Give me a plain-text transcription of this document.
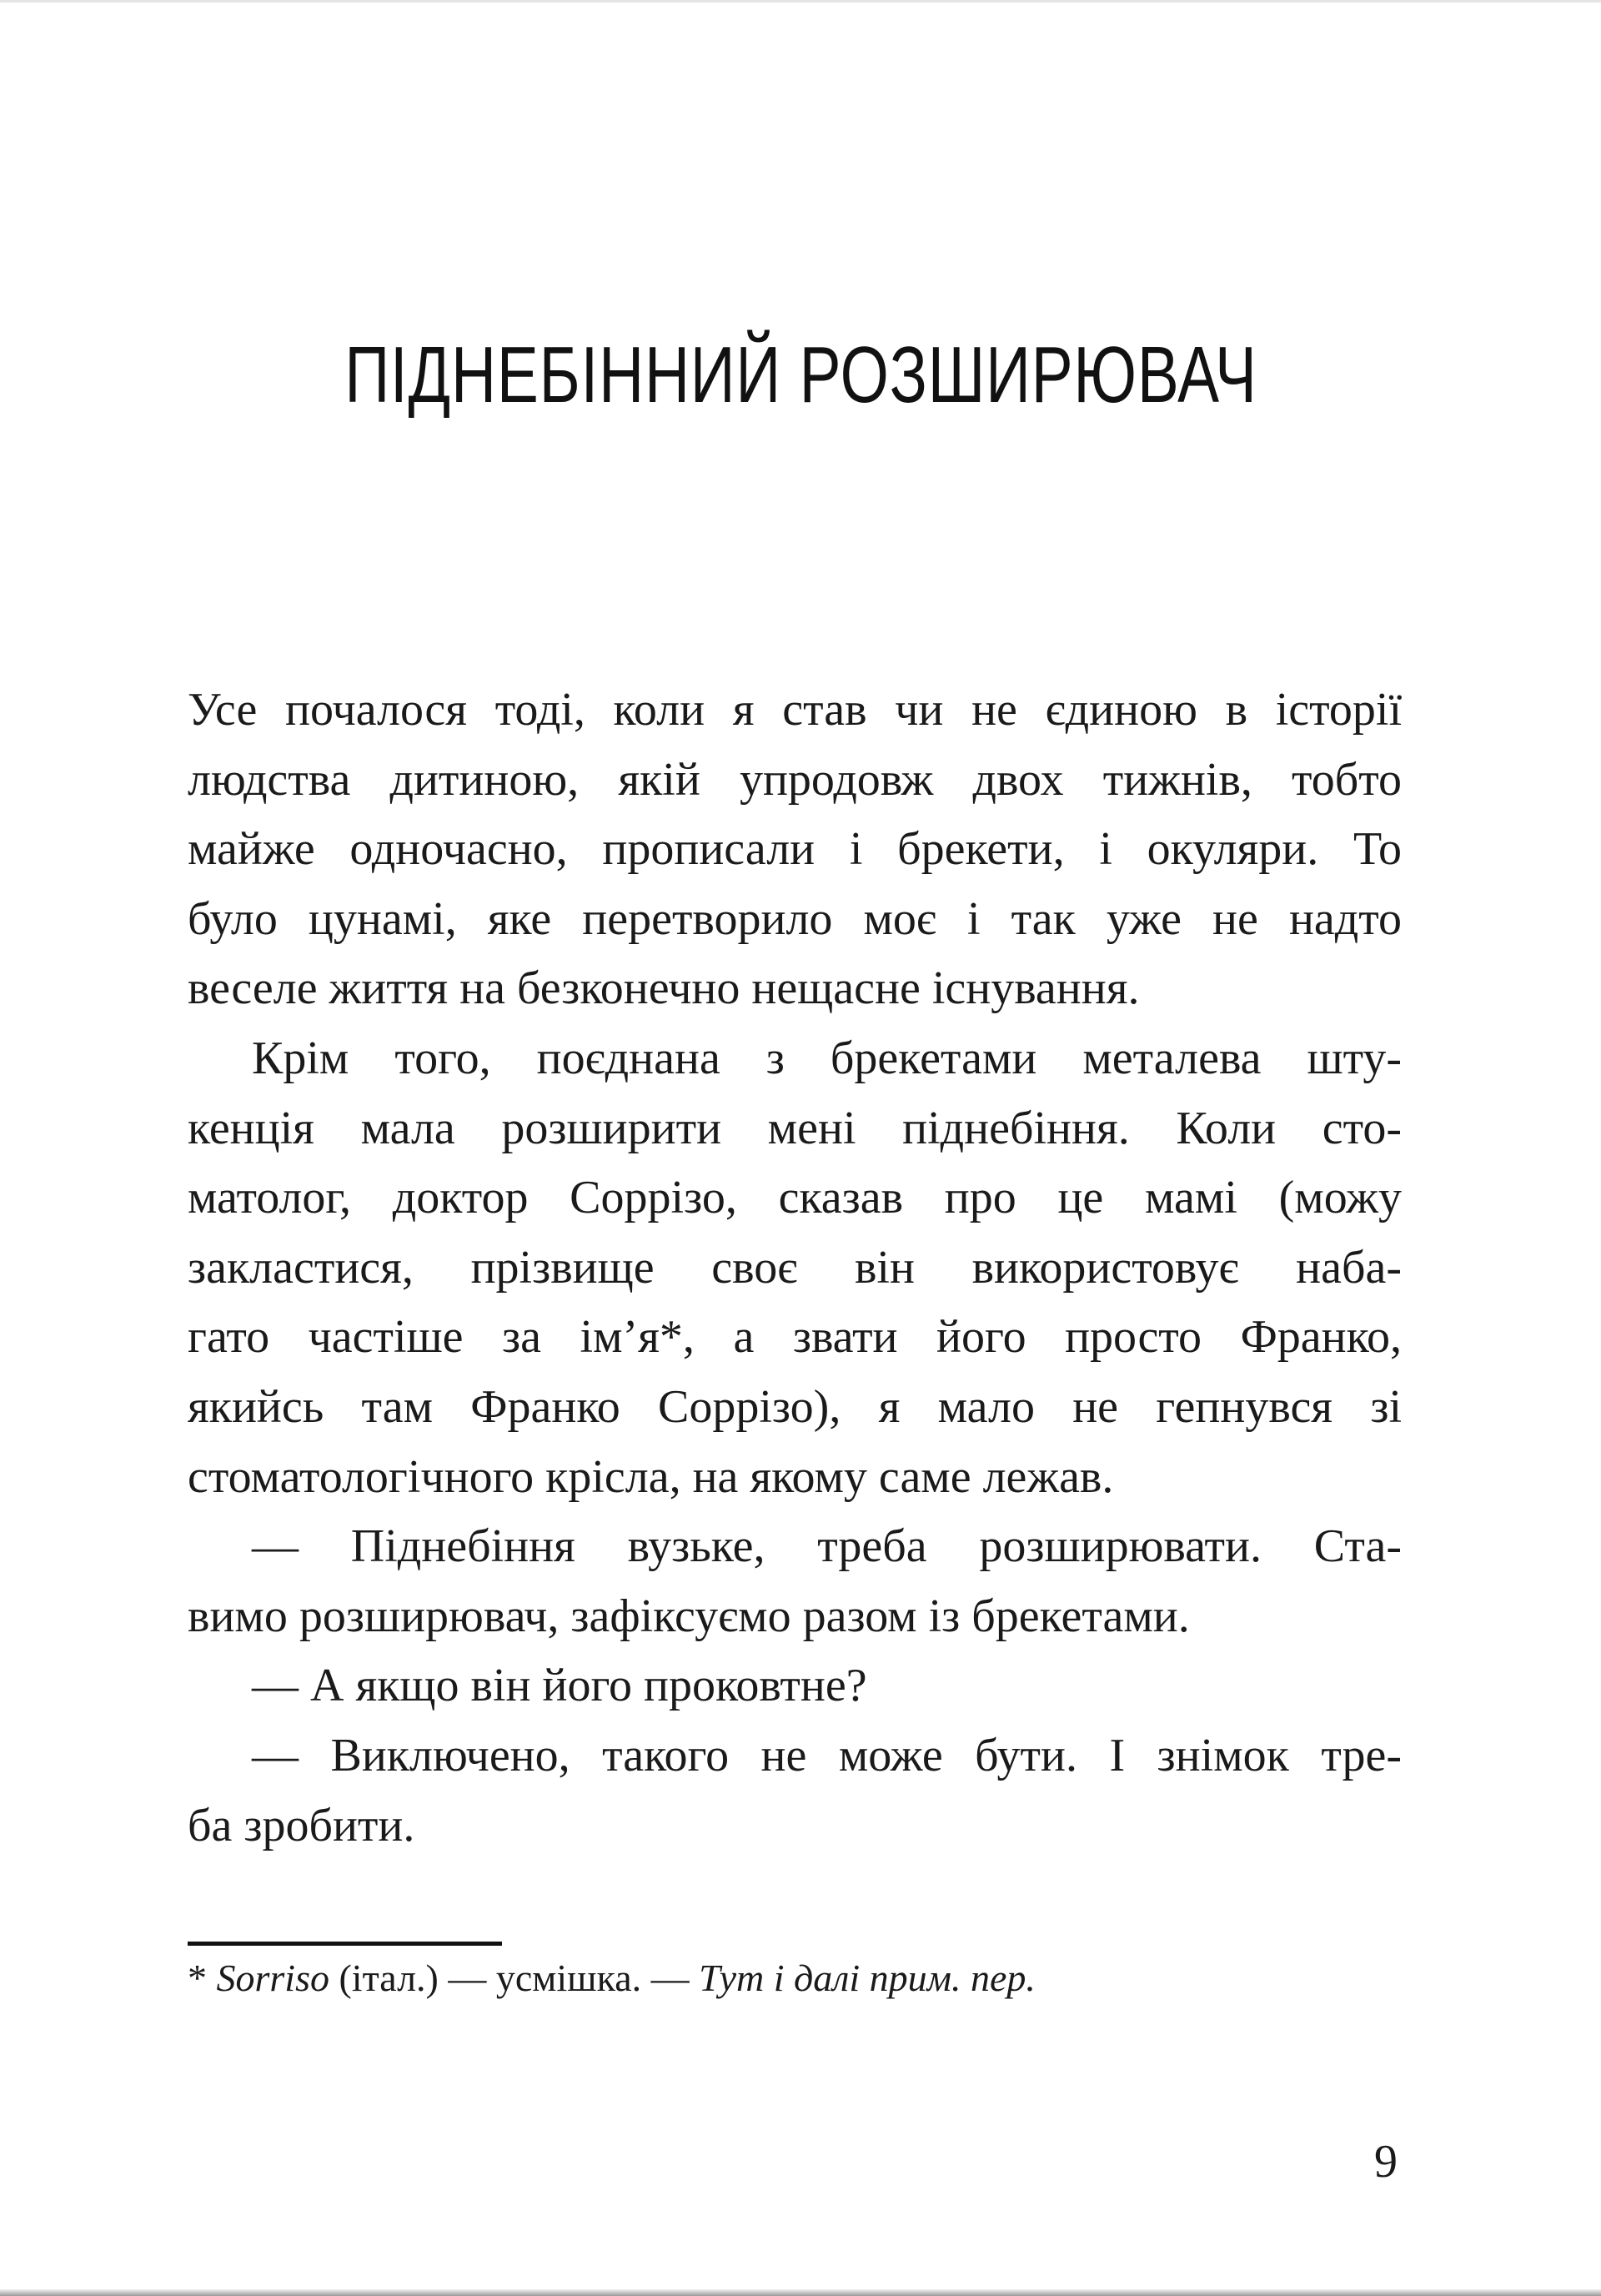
ПІДНЕБІННИЙ РОЗШИРЮВАЧ
Усе почалося тоді, коли я став чи не єдиною в історії
людства дитиною, якій упродовж двох тижнів, тобто
майже одночасно, прописали і брекети, і окуляри. То
було цунамі, яке перетворило моє і так уже не надто
веселе життя на безконечно нещасне існування.
Крім того, поєднана з брекетами металева шту-
кенція мала розширити мені піднебіння. Коли сто-
матолог, доктор Соррізо, сказав про це мамі (можу
закластися, прізвище своє він використовує наба-
гато частіше за ім’я*, а звати його просто Франко,
якийсь там Франко Соррізо), я мало не гепнувся зі
стоматологічного крісла, на якому саме лежав.
— Піднебіння вузьке, треба розширювати. Ста-
вимо розширювач, зафіксуємо разом із брекетами.
— А якщо він його проковтне?
— Виключено, такого не може бути. І знімок тре-
ба зробити.
* Sorriso (італ.) — усмішка. — Тут і далі прим. пер.
9
